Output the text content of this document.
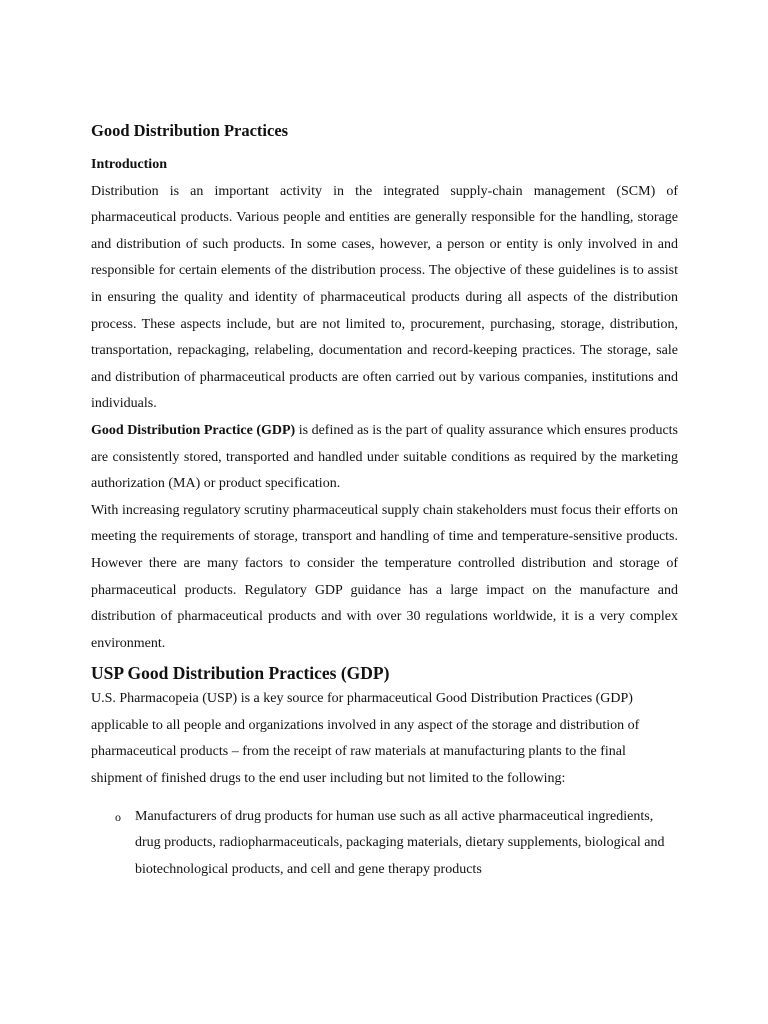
Good Distribution Practices
Introduction

Distribution is an important activity in the integrated supply-chain management (SCM) of pharmaceutical products. Various people and entities are generally responsible for the handling, storage and distribution of such products. In some cases, however, a person or entity is only involved in and responsible for certain elements of the distribution process. The objective of these guidelines is to assist in ensuring the quality and identity of pharmaceutical products during all aspects of the distribution process. These aspects include, but are not limited to, procurement, purchasing, storage, distribution, transportation, repackaging, relabeling, documentation and record-keeping practices. The storage, sale and distribution of pharmaceutical products are often carried out by various companies, institutions and individuals.

Good Distribution Practice (GDP) is defined as is the part of quality assurance which ensures products are consistently stored, transported and handled under suitable conditions as required by the marketing authorization (MA) or product specification.

With increasing regulatory scrutiny pharmaceutical supply chain stakeholders must focus their efforts on meeting the requirements of storage, transport and handling of time and temperature-sensitive products. However there are many factors to consider the temperature controlled distribution and storage of pharmaceutical products. Regulatory GDP guidance has a large impact on the manufacture and distribution of pharmaceutical products and with over 30 regulations worldwide, it is a very complex environment.

USP Good Distribution Practices (GDP)

U.S. Pharmacopeia (USP) is a key source for pharmaceutical Good Distribution Practices (GDP) applicable to all people and organizations involved in any aspect of the storage and distribution of pharmaceutical products – from the receipt of raw materials at manufacturing plants to the final shipment of finished drugs to the end user including but not limited to the following:

o Manufacturers of drug products for human use such as all active pharmaceutical ingredients, drug products, radiopharmaceuticals, packaging materials, dietary supplements, biological and biotechnological products, and cell and gene therapy products
